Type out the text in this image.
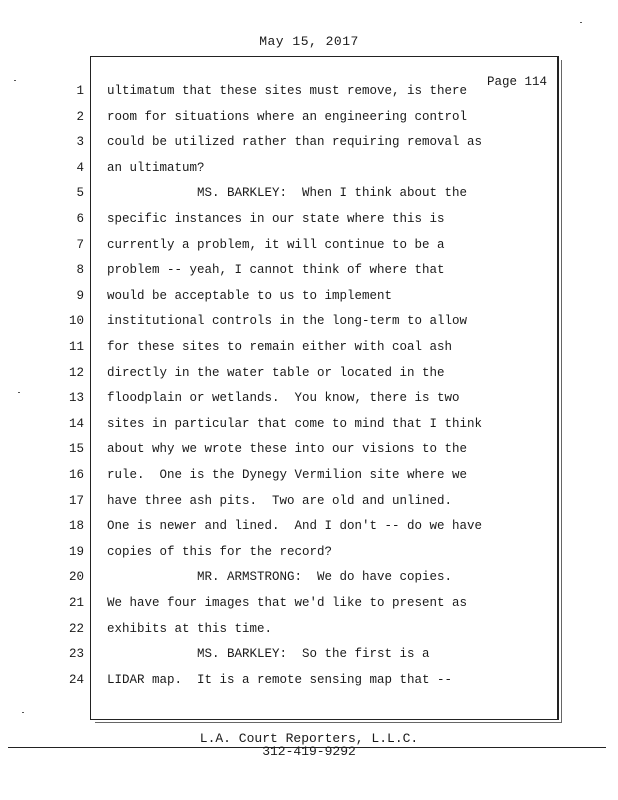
May 15, 2017
Page 114
1 ultimatum that these sites must remove, is there
2 room for situations where an engineering control
3 could be utilized rather than requiring removal as
4 an ultimatum?
5 MS. BARKLEY:  When I think about the
6 specific instances in our state where this is
7 currently a problem, it will continue to be a
8 problem -- yeah, I cannot think of where that
9 would be acceptable to us to implement
10 institutional controls in the long-term to allow
11 for these sites to remain either with coal ash
12 directly in the water table or located in the
13 floodplain or wetlands.  You know, there is two
14 sites in particular that come to mind that I think
15 about why we wrote these into our visions to the
16 rule.  One is the Dynegy Vermilion site where we
17 have three ash pits.  Two are old and unlined.
18 One is newer and lined.  And I don't -- do we have
19 copies of this for the record?
20 MR. ARMSTRONG:  We do have copies.
21 We have four images that we'd like to present as
22 exhibits at this time.
23 MS. BARKLEY:  So the first is a
24 LIDAR map.  It is a remote sensing map that --
L.A. Court Reporters, L.L.C.
312-419-9292
